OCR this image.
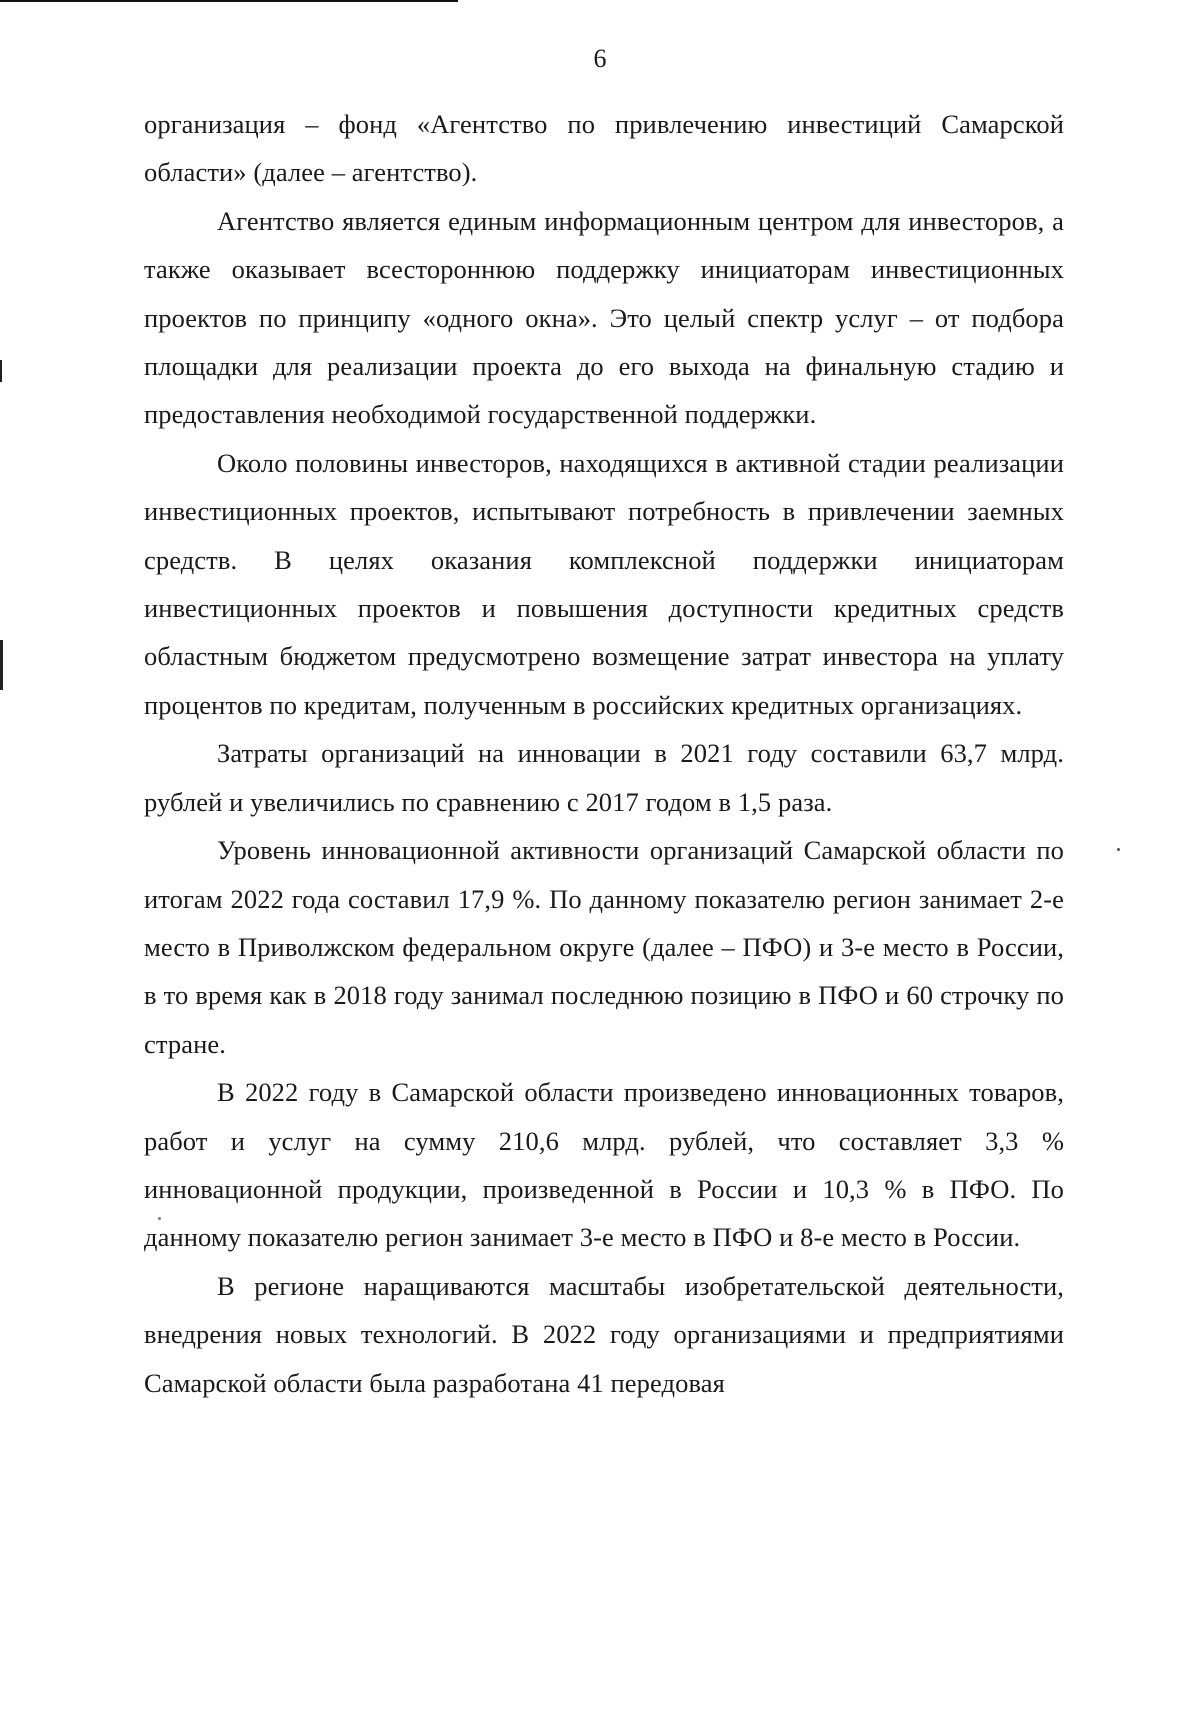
6

организация – фонд «Агентство по привлечению инвестиций Самарской области» (далее – агентство).

Агентство является единым информационным центром для инвесторов, а также оказывает всестороннюю поддержку инициаторам инвестиционных проектов по принципу «одного окна». Это целый спектр услуг – от подбора площадки для реализации проекта до его выхода на финальную стадию и предоставления необходимой государственной поддержки.

Около половины инвесторов, находящихся в активной стадии реализации инвестиционных проектов, испытывают потребность в привлечении заемных средств. В целях оказания комплексной поддержки инициаторам инвестиционных проектов и повышения доступности кредитных средств областным бюджетом предусмотрено возмещение затрат инвестора на уплату процентов по кредитам, полученным в российских кредитных организациях.

Затраты организаций на инновации в 2021 году составили 63,7 млрд. рублей и увеличились по сравнению с 2017 годом в 1,5 раза.

Уровень инновационной активности организаций Самарской области по итогам 2022 года составил 17,9 %. По данному показателю регион занимает 2-е место в Приволжском федеральном округе (далее – ПФО) и 3-е место в России, в то время как в 2018 году занимал последнюю позицию в ПФО и 60 строчку по стране.

В 2022 году в Самарской области произведено инновационных товаров, работ и услуг на сумму 210,6 млрд. рублей, что составляет 3,3 % инновационной продукции, произведенной в России и 10,3 % в ПФО. По данному показателю регион занимает 3-е место в ПФО и 8-е место в России.

В регионе наращиваются масштабы изобретательской деятельности, внедрения новых технологий. В 2022 году организациями и предприятиями Самарской области была разработана 41 передовая
